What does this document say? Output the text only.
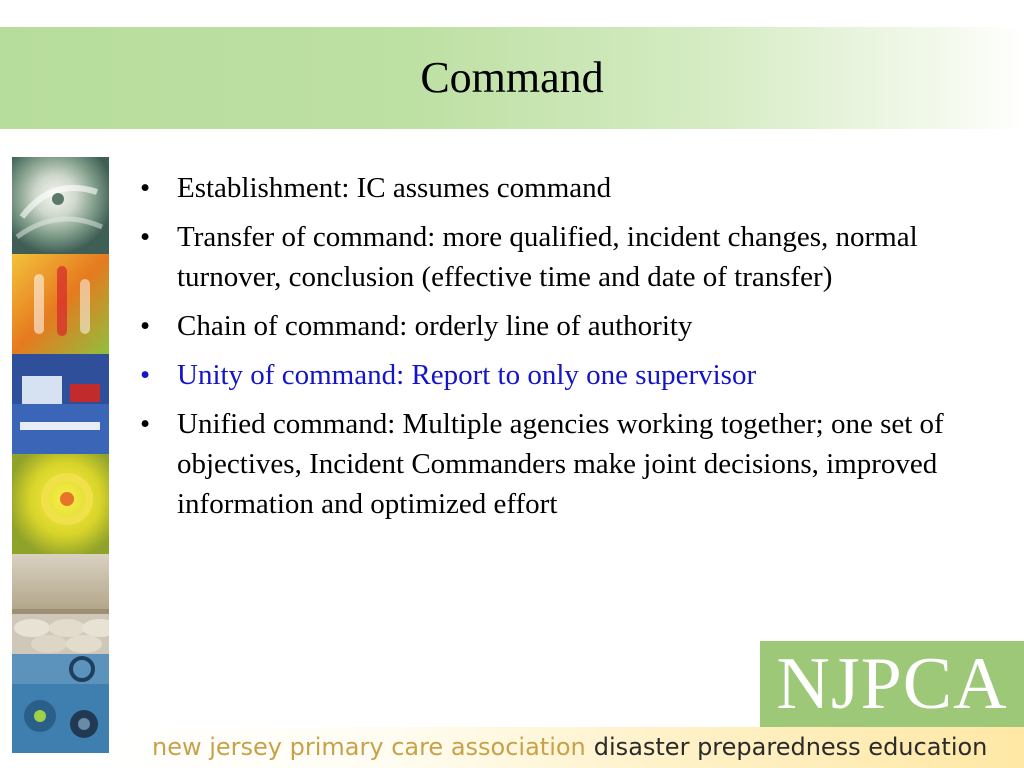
Command
• Establishment: IC assumes command
• Transfer of command: more qualified, incident changes, normal turnover, conclusion (effective time and date of transfer)
• Chain of command: orderly line of authority
• Unity of command: Report to only one supervisor
• Unified command: Multiple agencies working together; one set of objectives, Incident Commanders make joint decisions, improved information and optimized effort
NJPCA
new jersey primary care association disaster preparedness education
